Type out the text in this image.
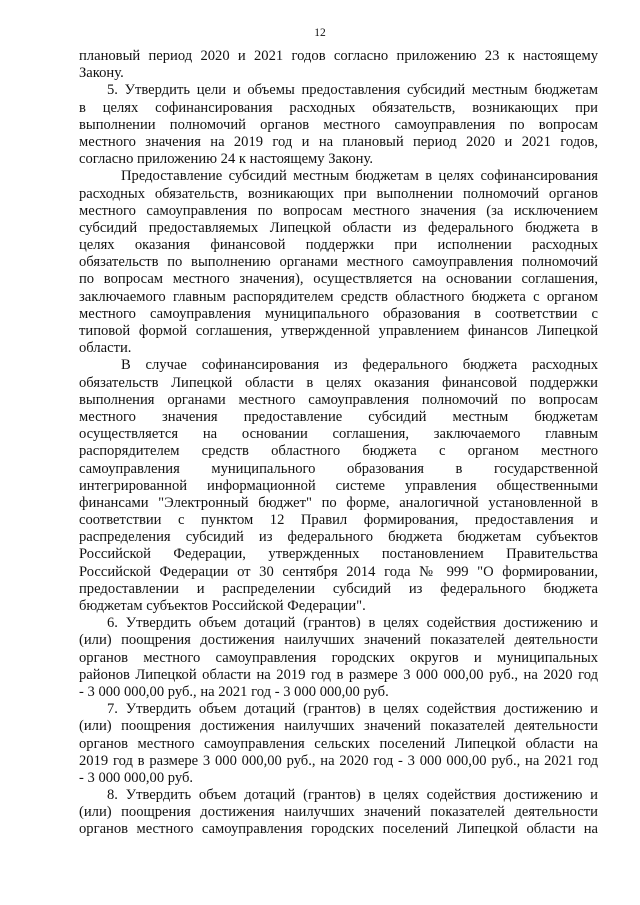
12
плановый период 2020 и 2021 годов согласно приложению 23 к настоящему
Закону.
5. Утвердить цели и объемы предоставления субсидий местным бюджетам
в целях софинансирования расходных обязательств, возникающих при
выполнении полномочий органов местного самоуправления по вопросам
местного значения на 2019 год и на плановый период 2020 и 2021 годов,
согласно приложению 24 к настоящему Закону.
Предоставление субсидий местным бюджетам в целях софинансирования
расходных обязательств, возникающих при выполнении полномочий органов
местного самоуправления по вопросам местного значения (за исключением
субсидий предоставляемых Липецкой области из федерального бюджета в
целях оказания финансовой поддержки при исполнении расходных
обязательств по выполнению органами местного самоуправления полномочий
по вопросам местного значения), осуществляется на основании соглашения,
заключаемого главным распорядителем средств областного бюджета с органом
местного самоуправления муниципального образования в соответствии с
типовой формой соглашения, утвержденной управлением финансов Липецкой
области.
В случае софинансирования из федерального бюджета расходных
обязательств Липецкой области в целях оказания финансовой поддержки
выполнения органами местного самоуправления полномочий по вопросам
местного значения предоставление субсидий местным бюджетам
осуществляется на основании соглашения, заключаемого главным
распорядителем средств областного бюджета с органом местного
самоуправления муниципального образования в государственной
интегрированной информационной системе управления общественными
финансами "Электронный бюджет" по форме, аналогичной установленной в
соответствии с пунктом 12 Правил формирования, предоставления и
распределения субсидий из федерального бюджета бюджетам субъектов
Российской Федерации, утвержденных постановлением Правительства
Российской Федерации от 30 сентября 2014 года № 999 "О формировании,
предоставлении и распределении субсидий из федерального бюджета
бюджетам субъектов Российской Федерации".
6. Утвердить объем дотаций (грантов) в целях содействия достижению и
(или) поощрения достижения наилучших значений показателей деятельности
органов местного самоуправления городских округов и муниципальных
районов Липецкой области на 2019 год в размере 3 000 000,00 руб., на 2020 год
- 3 000 000,00 руб., на 2021 год - 3 000 000,00 руб.
7. Утвердить объем дотаций (грантов) в целях содействия достижению и
(или) поощрения достижения наилучших значений показателей деятельности
органов местного самоуправления сельских поселений Липецкой области на
2019 год в размере 3 000 000,00 руб., на 2020 год - 3 000 000,00 руб., на 2021 год
- 3 000 000,00 руб.
8. Утвердить объем дотаций (грантов) в целях содействия достижению и
(или) поощрения достижения наилучших значений показателей деятельности
органов местного самоуправления городских поселений Липецкой области на
